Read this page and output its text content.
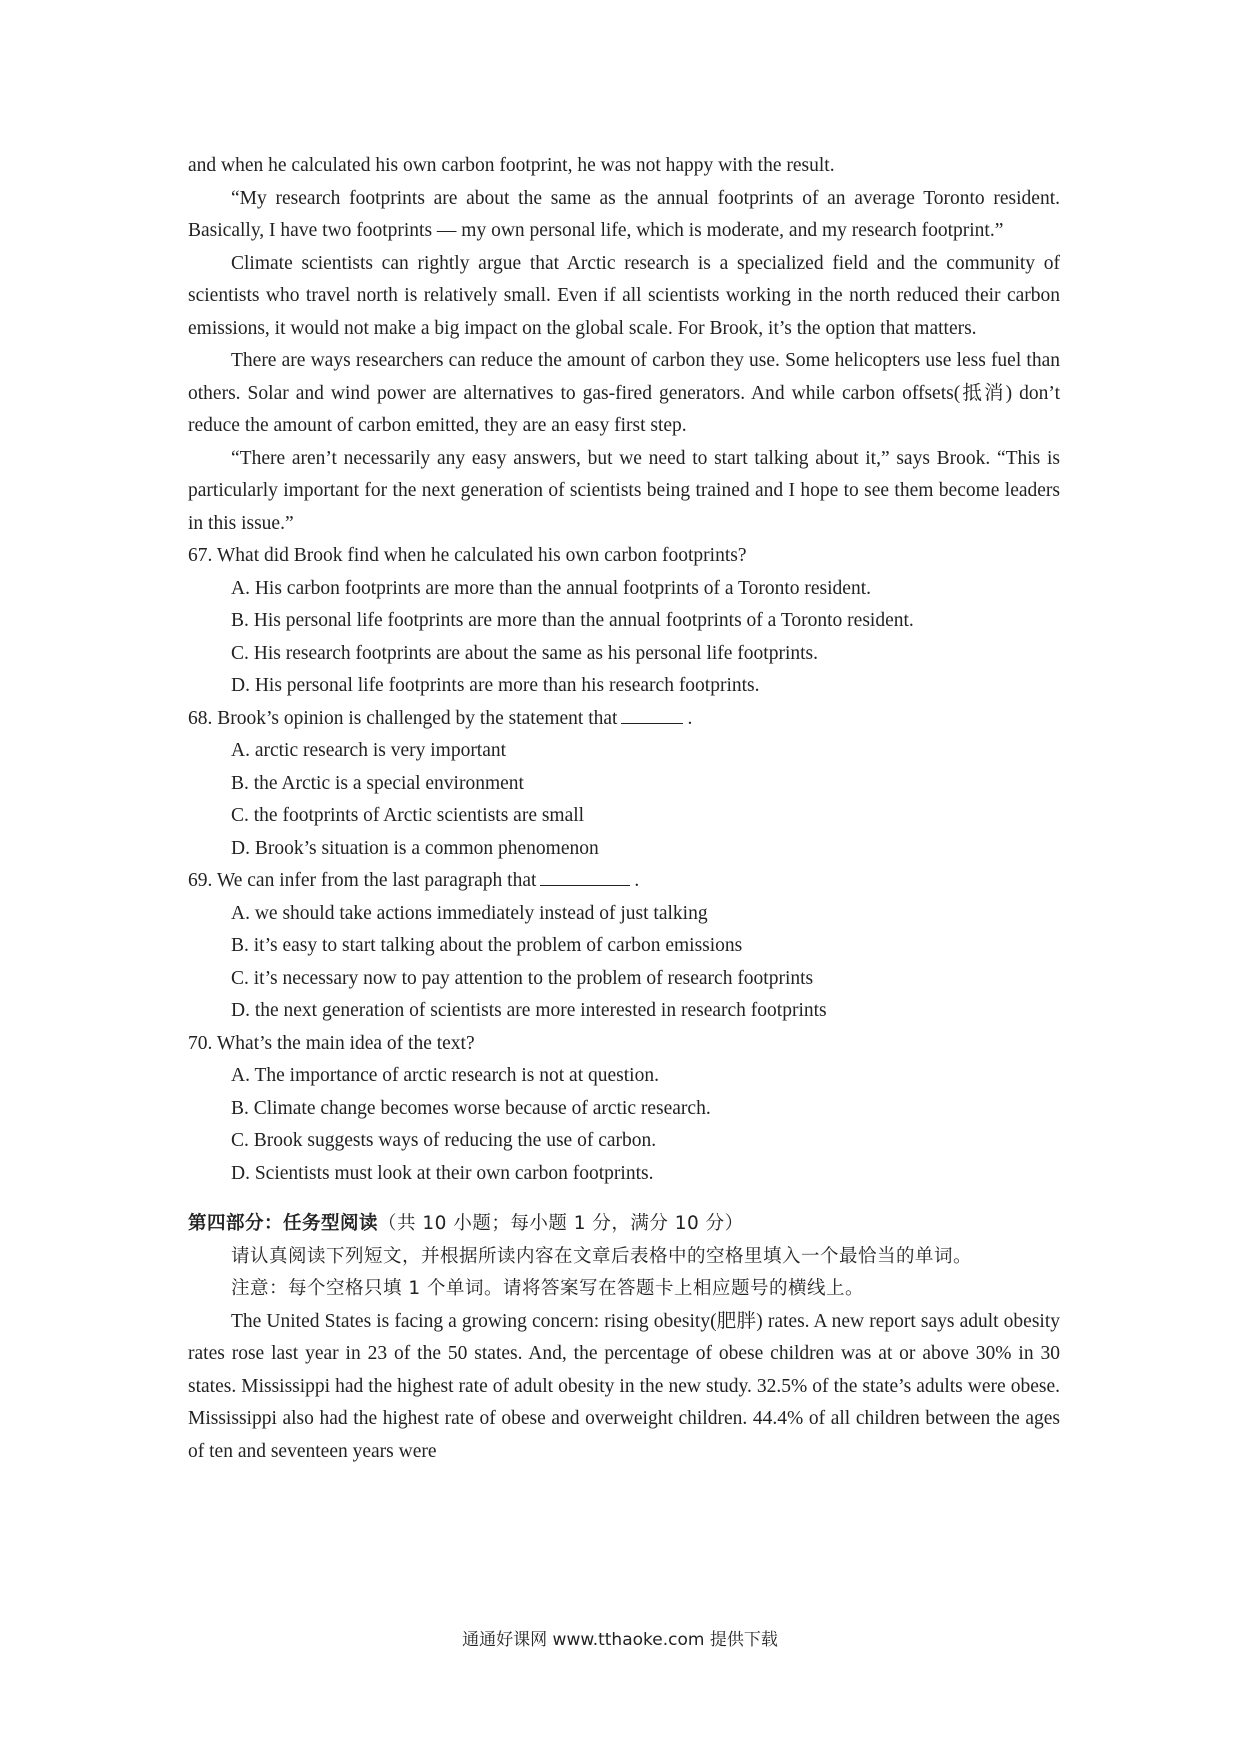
and when he calculated his own carbon footprint, he was not happy with the result.

“My research footprints are about the same as the annual footprints of an average Toronto resident. Basically, I have two footprints — my own personal life, which is moderate, and my research footprint.”

Climate scientists can rightly argue that Arctic research is a specialized field and the community of scientists who travel north is relatively small. Even if all scientists working in the north reduced their carbon emissions, it would not make a big impact on the global scale. For Brook, it’s the option that matters.

There are ways researchers can reduce the amount of carbon they use. Some helicopters use less fuel than others. Solar and wind power are alternatives to gas-fired generators. And while carbon offsets(抵消) don’t reduce the amount of carbon emitted, they are an easy first step.

“There aren’t necessarily any easy answers, but we need to start talking about it,” says Brook. “This is particularly important for the next generation of scientists being trained and I hope to see them become leaders in this issue.”

67. What did Brook find when he calculated his own carbon footprints?

A. His carbon footprints are more than the annual footprints of a Toronto resident.

B. His personal life footprints are more than the annual footprints of a Toronto resident.

C. His research footprints are about the same as his personal life footprints.

D. His personal life footprints are more than his research footprints.

68. Brook’s opinion is challenged by the statement that	.

A. arctic research is very important

B. the Arctic is a special environment

C. the footprints of Arctic scientists are small

D. Brook’s situation is a common phenomenon

69. We can infer from the last paragraph that	.

A. we should take actions immediately instead of just talking

B. it’s easy to start talking about the problem of carbon emissions

C. it’s necessary now to pay attention to the problem of research footprints

D. the next generation of scientists are more interested in research footprints

70. What’s the main idea of the text?

A. The importance of arctic research is not at question.

B. Climate change becomes worse because of arctic research.

C. Brook suggests ways of reducing the use of carbon.

D. Scientists must look at their own carbon footprints.

第四部分：任务型阅读（共 10 小题；每小题 1 分，满分 10 分）

请认真阅读下列短文，并根据所读内容在文章后表格中的空格里填入一个最恰当的单词。

注意：每个空格只填 1 个单词。请将答案写在答题卡上相应题号的横线上。

The United States is facing a growing concern: rising obesity(肥胖) rates. A new report says adult obesity rates rose last year in 23 of the 50 states. And, the percentage of obese children was at or above 30% in 30 states. Mississippi had the highest rate of adult obesity in the new study. 32.5% of the state’s adults were obese. Mississippi also had the highest rate of obese and overweight children. 44.4% of all children between the ages of ten and seventeen years were

通通好课网 www.tthaoke.com 提供下载
